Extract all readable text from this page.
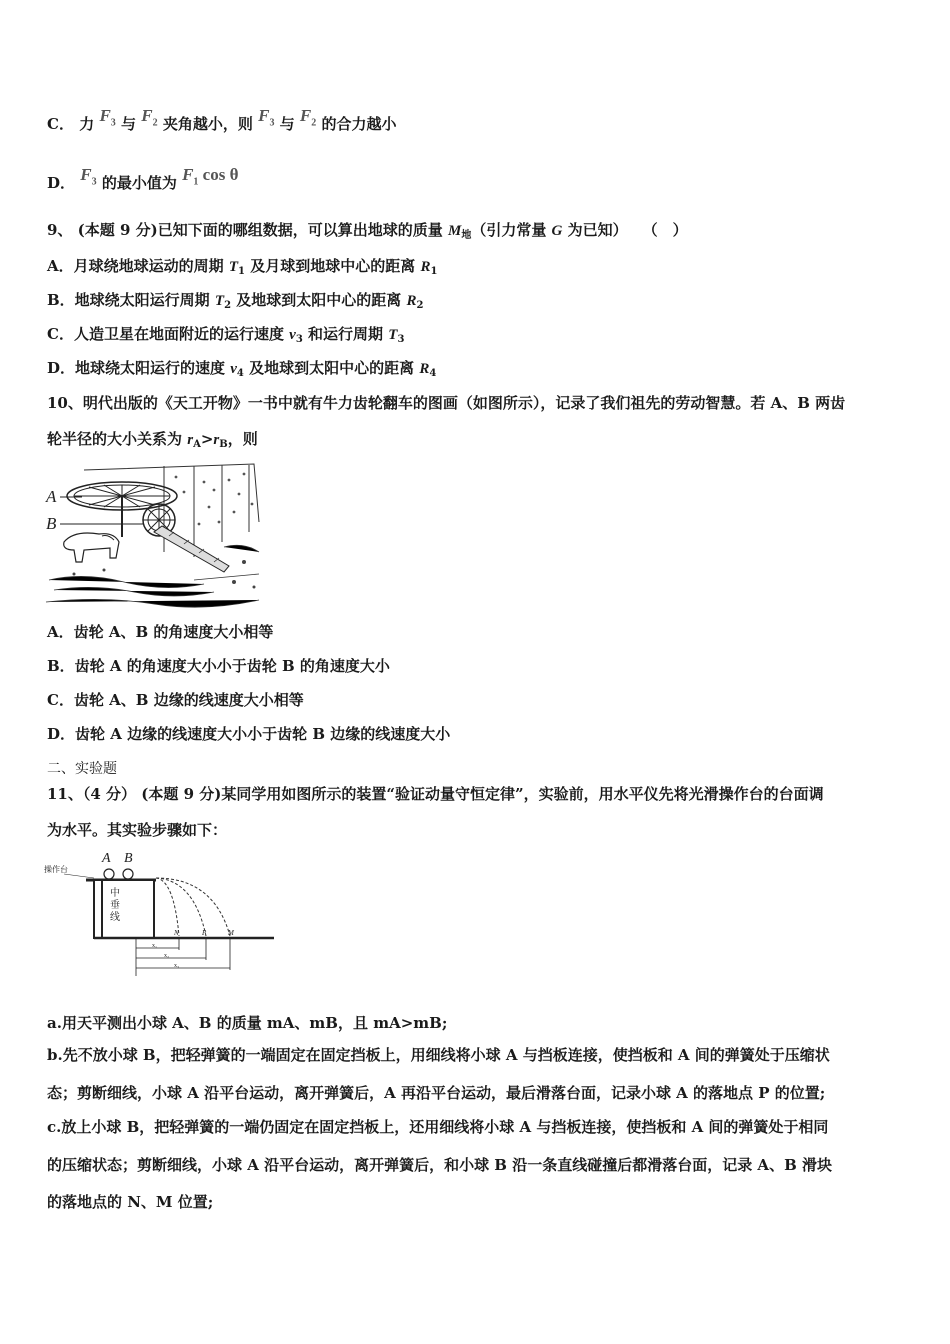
C． 力 $F_3$ 与 $F_2$ 夹角越小，则 $F_3$ 与 $F_2$ 的合力越小
D． $F_3$ 的最小值为 $F_1$ cos θ
9、 (本题 9 分)已知下面的哪组数据，可以算出地球的质量 $M_地$（引力常量 G 为已知）　　（　）
A．月球绕地球运动的周期 $T_1$ 及月球到地球中心的距离 $R_1$
B．地球绕太阳运行周期 $T_2$ 及地球到太阳中心的距离 $R_2$
C．人造卫星在地面附近的运行速度 $v_3$ 和运行周期 $T_3$
D．地球绕太阳运行的速度 $v_4$ 及地球到太阳中心的距离 $R_4$
10、明代出版的《天工开物》一书中就有牛力齿轮翻车的图画（如图所示），记录了我们祖先的劳动智慧。若 A、B 两齿
轮半径的大小关系为 $r_A>r_B$，则
A
B
A．齿轮 A、B 的角速度大小相等
B．齿轮 A 的角速度大小小于齿轮 B 的角速度大小
C．齿轮 A、B 边缘的线速度大小相等
D．齿轮 A 边缘的线速度大小小于齿轮 B 边缘的线速度大小
二、实验题
11、（4 分） (本题 9 分)某同学用如图所示的装置“验证动量守恒定律”，实验前，用水平仪先将光滑操作台的台面调
为水平。其实验步骤如下：
中
垂
线
A B
操作台
N	P	M
x₁
x₂
x₃
a.用天平测出小球 A、B 的质量 mA、mB，且 mA>mB;
b.先不放小球 B，把轻弹簧的一端固定在固定挡板上，用细线将小球 A 与挡板连接，使挡板和 A 间的弹簧处于压缩状
态；剪断细线，小球 A 沿平台运动，离开弹簧后，A 再沿平台运动，最后滑落台面，记录小球 A 的落地点 P 的位置;
c.放上小球 B，把轻弹簧的一端仍固定在固定挡板上，还用细线将小球 A 与挡板连接，使挡板和 A 间的弹簧处于相同
的压缩状态；剪断细线，小球 A 沿平台运动，离开弹簧后，和小球 B 沿一条直线碰撞后都滑落台面，记录 A、B 滑块
的落地点的 N、M 位置;
